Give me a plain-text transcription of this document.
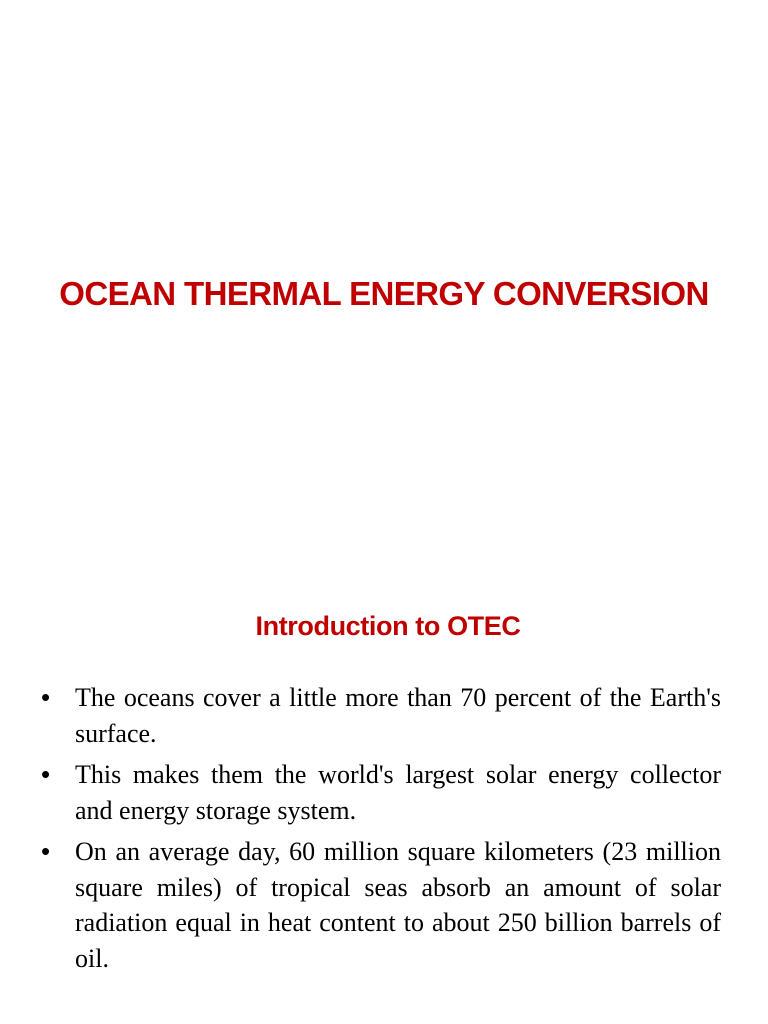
OCEAN THERMAL ENERGY CONVERSION
Introduction to OTEC
• The oceans cover a little more than 70 percent of the Earth's surface.
• This makes them the world's largest solar energy collector and energy storage system.
• On an average day, 60 million square kilometers (23 million square miles) of tropical seas absorb an amount of solar radiation equal in heat content to about 250 billion barrels of oil.
